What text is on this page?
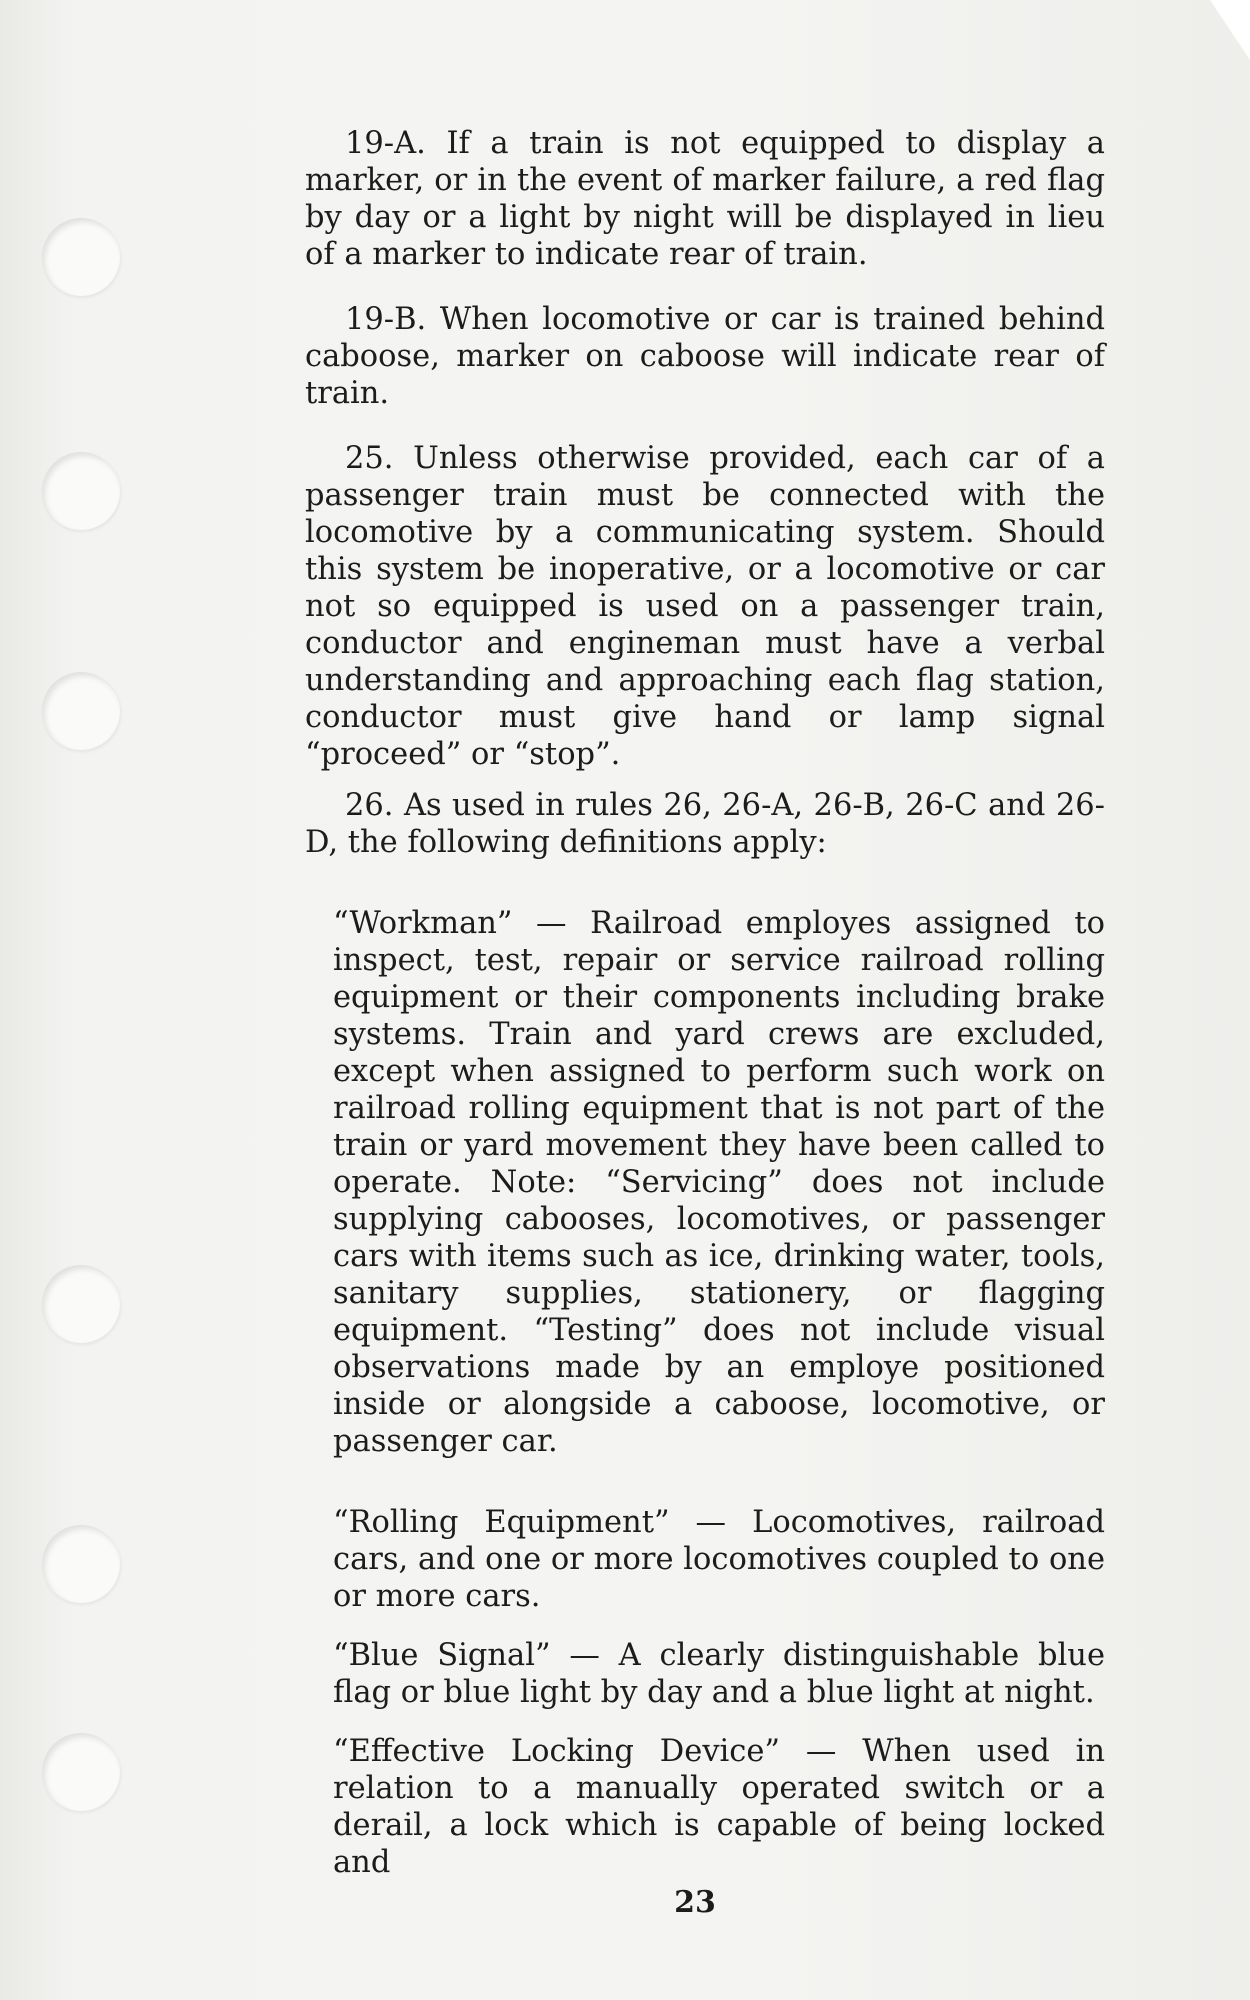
19-A. If a train is not equipped to display a marker, or in the event of marker failure, a red flag by day or a light by night will be displayed in lieu of a marker to indicate rear of train.

19-B. When locomotive or car is trained behind caboose, marker on caboose will indicate rear of train.

25. Unless otherwise provided, each car of a passenger train must be connected with the locomotive by a communicating system. Should this system be inoperative, or a locomotive or car not so equipped is used on a passenger train, conductor and engineman must have a verbal understanding and approaching each flag station, conductor must give hand or lamp signal “proceed” or “stop”.

26. As used in rules 26, 26-A, 26-B, 26-C and 26-D, the following definitions apply:

“Workman” — Railroad employes assigned to inspect, test, repair or service railroad rolling equipment or their components including brake systems. Train and yard crews are excluded, except when assigned to perform such work on railroad rolling equipment that is not part of the train or yard movement they have been called to operate. Note: “Servicing” does not include supplying cabooses, locomotives, or passenger cars with items such as ice, drinking water, tools, sanitary supplies, stationery, or flagging equipment. “Testing” does not include visual observations made by an employe positioned inside or alongside a caboose, locomotive, or passenger car.

“Rolling Equipment” — Locomotives, railroad cars, and one or more locomotives coupled to one or more cars.

“Blue Signal” — A clearly distinguishable blue flag or blue light by day and a blue light at night.

“Effective Locking Device” — When used in relation to a manually operated switch or a derail, a lock which is capable of being locked and

23
